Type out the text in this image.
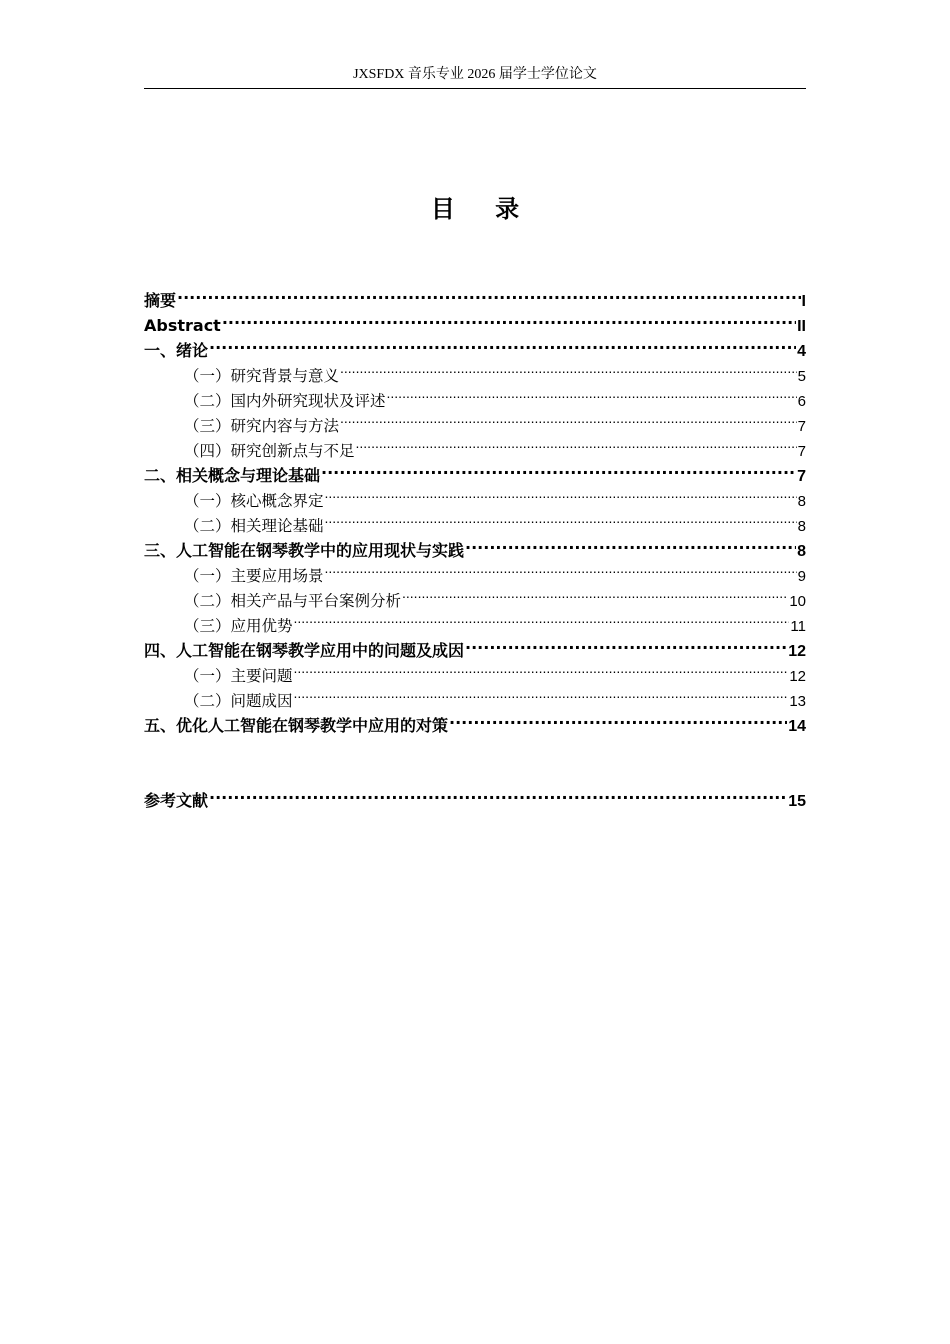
JXSFDX 音乐专业 2026 届学士学位论文
目 录
摘要 .....	I
Abstract .....	II
一、绪论 .....	4
（一）研究背景与意义 .....	5
（二）国内外研究现状及评述 .....	6
（三）研究内容与方法 .....	7
（四）研究创新点与不足 .....	7
二、相关概念与理论基础 .....	7
（一）核心概念界定 .....	8
（二）相关理论基础 .....	8
三、人工智能在钢琴教学中的应用现状与实践 .....	8
（一）主要应用场景 .....	9
（二）相关产品与平台案例分析 .....	10
（三）应用优势 .....	11
四、人工智能在钢琴教学应用中的问题及成因 .....	12
（一）主要问题 .....	12
（二）问题成因 .....	13
五、优化人工智能在钢琴教学中应用的对策 .....	14
参考文献 .....	15
